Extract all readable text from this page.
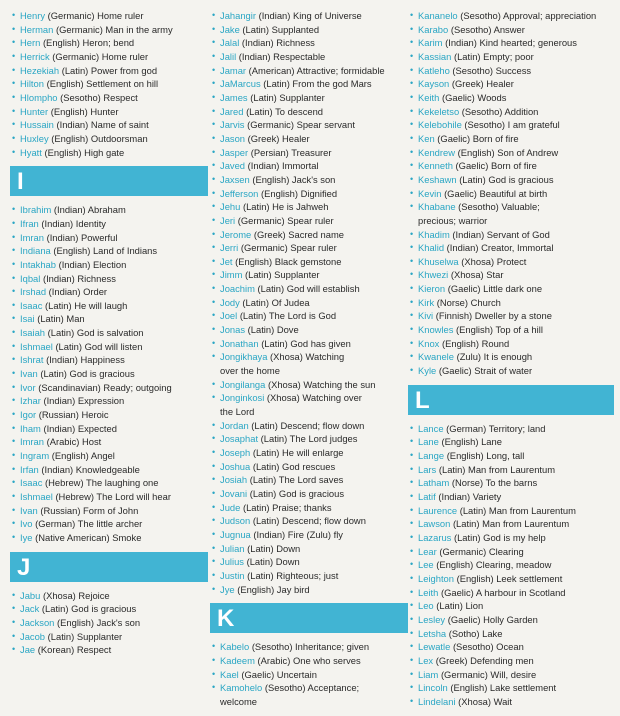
• Henry (Germanic) Home ruler
• Herman (Germanic) Man in the army
• Hern (English) Heron; bend
• Herrick (Germanic) Home ruler
• Hezekiah (Latin) Power from god
• Hilton (English) Settlement on hill
• Hlompho (Sesotho) Respect
• Hunter (English) Hunter
• Hussain (Indian) Name of saint
• Huxley (English) Outdoorsman
• Hyatt (English) High gate
I
• Ibrahim (Indian) Abraham
• Ifran (Indian) Identity
• Imran (Indian) Powerful
• Indiana (English) Land of Indians
• Intakhab (Indian) Election
• Iqbal (Indian) Richness
• Irshad (Indian) Order
• Isaac (Latin) He will laugh
• Isai (Latin) Man
• Isaiah (Latin) God is salvation
• Ishmael (Latin) God will listen
• Ishrat (Indian) Happiness
• Ivan (Latin) God is gracious
• Ivor (Scandinavian) Ready; outgoing
• Izhar (Indian) Expression
• Igor (Russian) Heroic
• Iham (Indian) Expected
• Imran (Arabic) Host
• Ingram (English) Angel
• Irfan (Indian) Knowledgeable
• Isaac (Hebrew) The laughing one
• Ishmael (Hebrew) The Lord will hear
• Ivan (Russian) Form of John
• Ivo (German) The little archer
• Iye (Native American) Smoke
J
• Jabu (Xhosa) Rejoice
• Jack (Latin) God is gracious
• Jackson (English) Jack's son
• Jacob (Latin) Supplanter
• Jae (Korean) Respect
• Jahangir (Indian) King of Universe
• Jake (Latin) Supplanted
• Jalal (Indian) Richness
• Jalil (Indian) Respectable
• Jamar (American) Attractive; formidable
• JaMarcus (Latin) From the god Mars
• James (Latin) Supplanter
• Jared (Latin) To descend
• Jarvis (Germanic) Spear servant
• Jason (Greek) Healer
• Jasper (Persian) Treasurer
• Javed (Indian) Immortal
• Jaxsen (English) Jack's son
• Jefferson (English) Dignified
• Jehu (Latin) He is Jahweh
• Jeri (Germanic) Spear ruler
• Jerome (Greek) Sacred name
• Jerri (Germanic) Spear ruler
• Jet (English) Black gemstone
• Jimm (Latin) Supplanter
• Joachim (Latin) God will establish
• Jody (Latin) Of Judea
• Joel (Latin) The Lord is God
• Jonas (Latin) Dove
• Jonathan (Latin) God has given
• Jongikhaya (Xhosa) Watching
over the home
• Jongilanga (Xhosa) Watching the sun
• Jonginkosi (Xhosa) Watching over
the Lord
• Jordan (Latin) Descend; flow down
• Josaphat (Latin) The Lord judges
• Joseph (Latin) He will enlarge
• Joshua (Latin) God rescues
• Josiah (Latin) The Lord saves
• Jovani (Latin) God is gracious
• Jude (Latin) Praise; thanks
• Judson (Latin) Descend; flow down
• Jugnua (Indian) Fire (Zulu) fly
• Julian (Latin) Down
• Julius (Latin) Down
• Justin (Latin) Righteous; just
• Jye (English) Jay bird
K
• Kabelo (Sesotho) Inheritance; given
• Kadeem (Arabic) One who serves
• Kael (Gaelic) Uncertain
• Kamohelo (Sesotho) Acceptance;
welcome
• Kananelo (Sesotho) Approval; appreciation
• Karabo (Sesotho) Answer
• Karim (Indian) Kind hearted; generous
• Kassian (Latin) Empty; poor
• Katleho (Sesotho) Success
• Kayson (Greek) Healer
• Keith (Gaelic) Woods
• Kekeletso (Sesotho) Addition
• Kelebohile (Sesotho) I am grateful
• Ken (Gaelic) Born of fire
• Kendrew (English) Son of Andrew
• Kenneth (Gaelic) Born of fire
• Keshawn (Latin) God is gracious
• Kevin (Gaelic) Beautiful at birth
• Khabane (Sesotho) Valuable;
precious; warrior
• Khadim (Indian) Servant of God
• Khalid (Indian) Creator, Immortal
• Khuselwa (Xhosa) Protect
• Khwezi (Xhosa) Star
• Kieron (Gaelic) Little dark one
• Kirk (Norse) Church
• Kivi (Finnish) Dweller by a stone
• Knowles (English) Top of a hill
• Knox (English) Round
• Kwanele (Zulu) It is enough
• Kyle (Gaelic) Strait of water
L
• Lance (German) Territory; land
• Lane (English) Lane
• Lange (English) Long, tall
• Lars (Latin) Man from Laurentum
• Latham (Norse) To the barns
• Latif (Indian) Variety
• Laurence (Latin) Man from Laurentum
• Lawson (Latin) Man from Laurentum
• Lazarus (Latin) God is my help
• Lear (Germanic) Clearing
• Lee (English) Clearing, meadow
• Leighton (English) Leek settlement
• Leith (Gaelic) A harbour in Scotland
• Leo (Latin) Lion
• Lesley (Gaelic) Holly Garden
• Letsha (Sotho) Lake
• Lewatle (Sesotho) Ocean
• Lex (Greek) Defending men
• Liam (Germanic) Will, desire
• Lincoln (English) Lake settlement
• Lindelani (Xhosa) Wait
